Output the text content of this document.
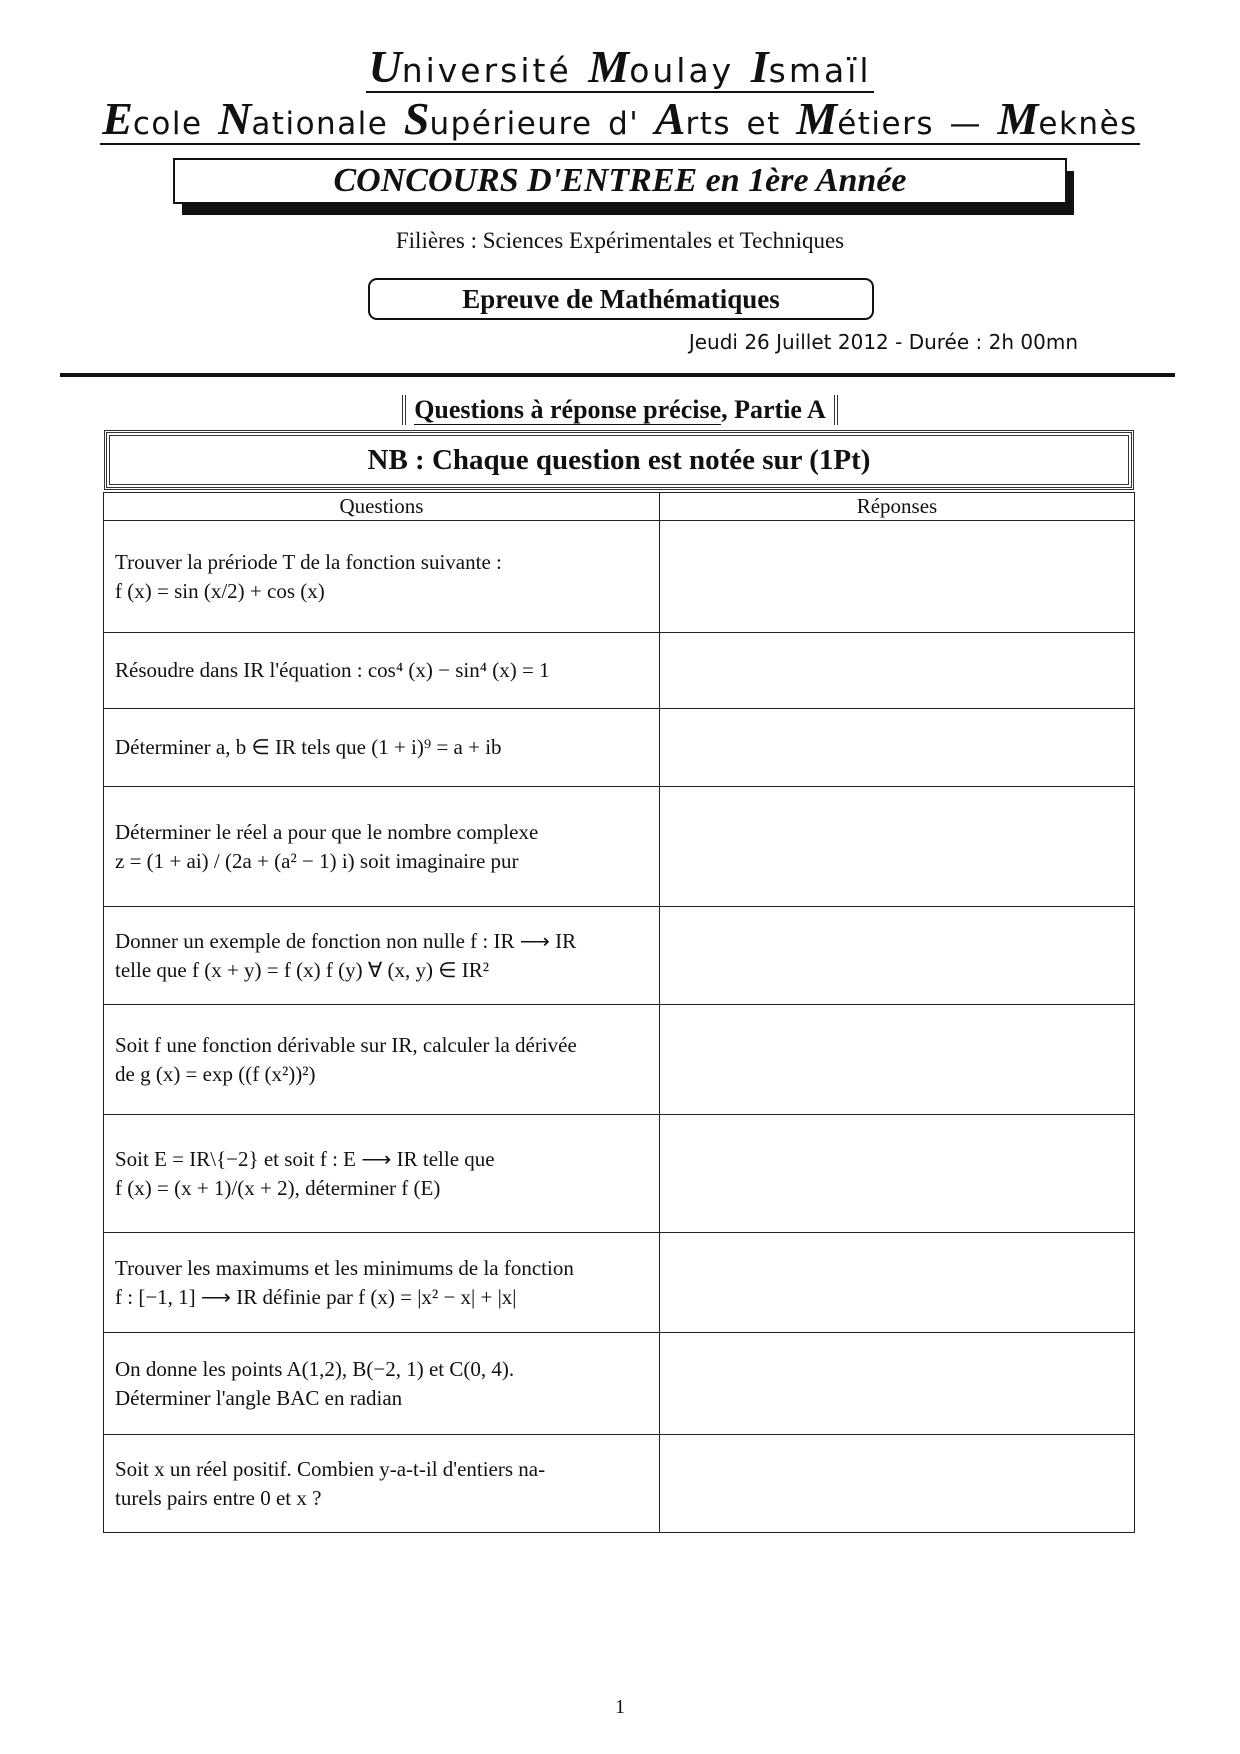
Université Moulay Ismaïl
Ecole Nationale Supérieure d' Arts et Métiers — Meknès
CONCOURS D'ENTREE en 1ère Année
Filières : Sciences Expérimentales et Techniques
Epreuve de Mathématiques
Jeudi 26 Juillet 2012 - Durée : 2h 00mn
Questions à réponse précise, Partie A
NB : Chaque question est notée sur (1Pt)
Questions	Réponses

Trouver la prériode T de la fonction suivante :
f (x) = sin (x/2) + cos (x)	

Résoudre dans IR l'équation : cos⁴ (x) − sin⁴ (x) = 1	

Déterminer a, b ∈ IR tels que (1 + i)⁹ = a + ib	

Déterminer le réel a pour que le nombre complexe
z = (1 + ai) / (2a + (a² − 1) i) soit imaginaire pur	

Donner un exemple de fonction non nulle f : IR ⟶ IR
telle que f (x + y) = f (x) f (y) ∀ (x, y) ∈ IR²	

Soit f une fonction dérivable sur IR, calculer la dérivée
de g (x) = exp ((f (x²))²)	

Soit E = IR\{−2} et soit f : E ⟶ IR telle que
f (x) = (x + 1)/(x + 2), déterminer f (E)	

Trouver les maximums et les minimums de la fonction
f : [−1, 1] ⟶ IR définie par f (x) = |x² − x| + |x|	

On donne les points A(1,2), B(−2, 1) et C(0, 4).
Déterminer l'angle BAC en radian	

Soit x un réel positif. Combien y-a-t-il d'entiers na-
turels pairs entre 0 et x ?	

1
